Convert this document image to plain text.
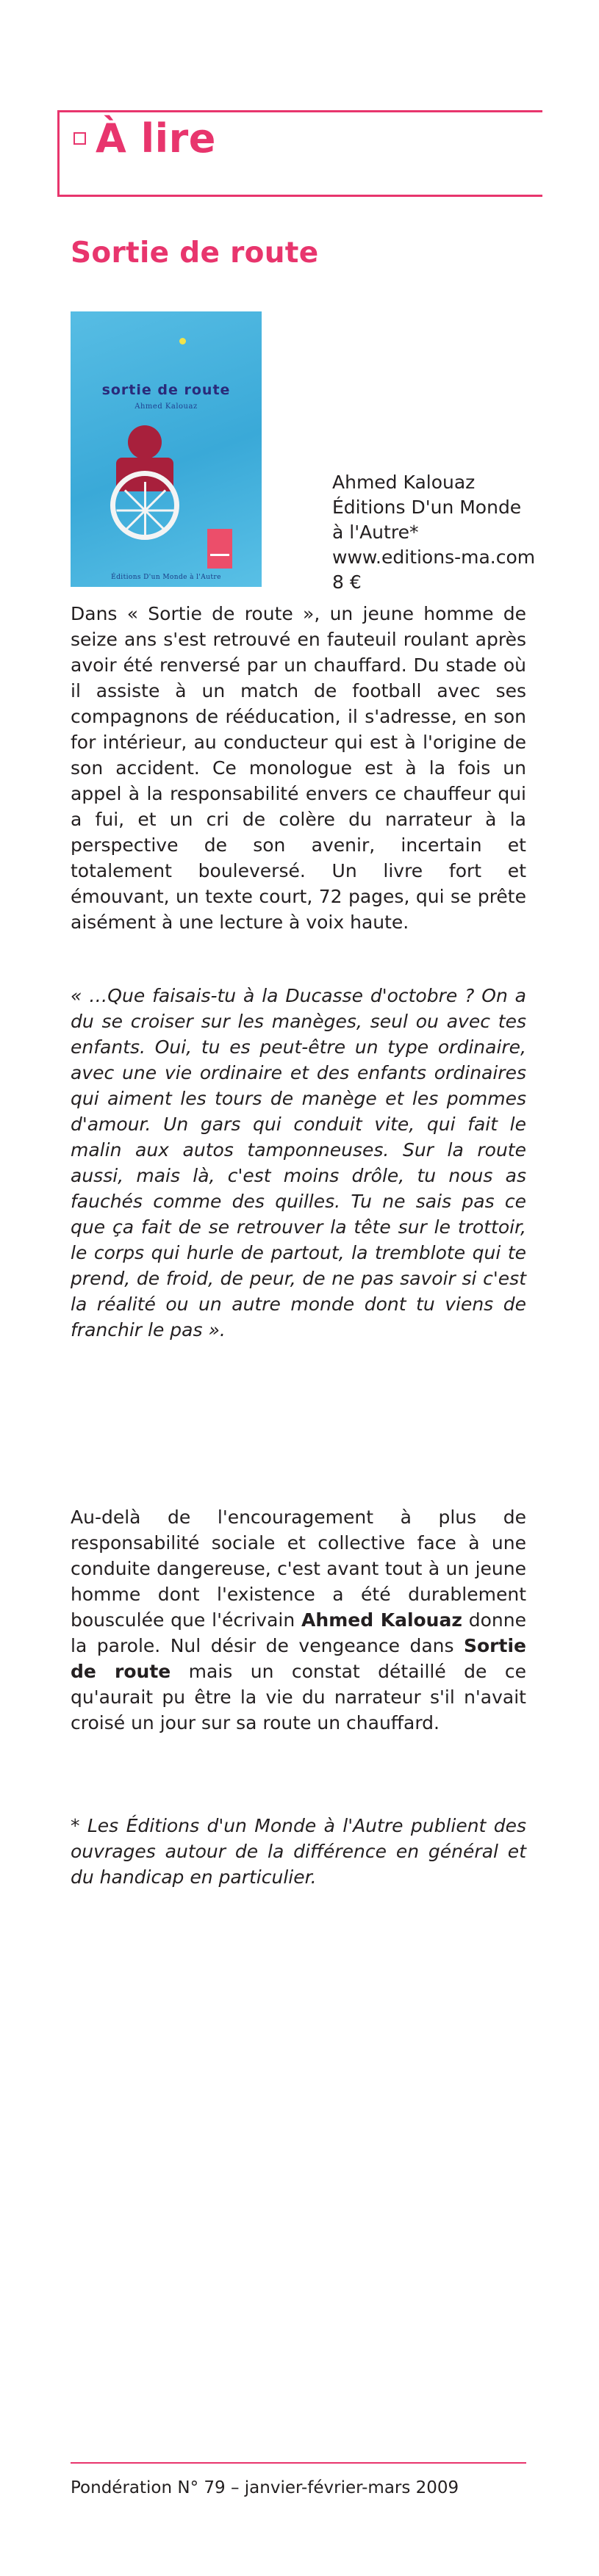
À lire
Sortie de route
sortie de route
Ahmed Kalouaz
Éditions D'un Monde à l'Autre
Ahmed Kalouaz
Éditions D'un Monde
à l'Autre*
www.editions-ma.com
8 €

Dans « Sortie de route », un jeune homme de seize ans s'est retrouvé en fauteuil roulant après avoir été renversé par un chauffard. Du stade où il assiste à un match de football avec ses compagnons de rééducation, il s'adresse, en son for intérieur, au conducteur qui est à l'origine de son accident. Ce monologue est à la fois un appel à la responsabilité envers ce chauffeur qui a fui, et un cri de colère du narrateur à la perspective de son avenir, incertain et totalement bouleversé. Un livre fort et émouvant, un texte court, 72 pages, qui se prête aisément à une lecture à voix haute.

« …Que faisais-tu à la Ducasse d'octobre ? On a du se croiser sur les manèges, seul ou avec tes enfants. Oui, tu es peut-être un type ordinaire, avec une vie ordinaire et des enfants ordinaires qui aiment les tours de manège et les pommes d'amour. Un gars qui conduit vite, qui fait le malin aux autos tamponneuses. Sur la route aussi, mais là, c'est moins drôle, tu nous as fauchés comme des quilles. Tu ne sais pas ce que ça fait de se retrouver la tête sur le trottoir, le corps qui hurle de partout, la tremblote qui te prend, de froid, de peur, de ne pas savoir si c'est la réalité ou un autre monde dont tu viens de franchir le pas ».

Au-delà de l'encouragement à plus de responsabilité sociale et collective face à une conduite dangereuse, c'est avant tout à un jeune homme dont l'existence a été durablement bousculée que l'écrivain Ahmed Kalouaz donne la parole. Nul désir de vengeance dans Sortie de route mais un constat détaillé de ce qu'aurait pu être la vie du narrateur s'il n'avait croisé un jour sur sa route un chauffard.

* Les Éditions d'un Monde à l'Autre publient des ouvrages autour de la différence en général et du handicap en particulier.

Pondération N° 79 – janvier-février-mars 2009
